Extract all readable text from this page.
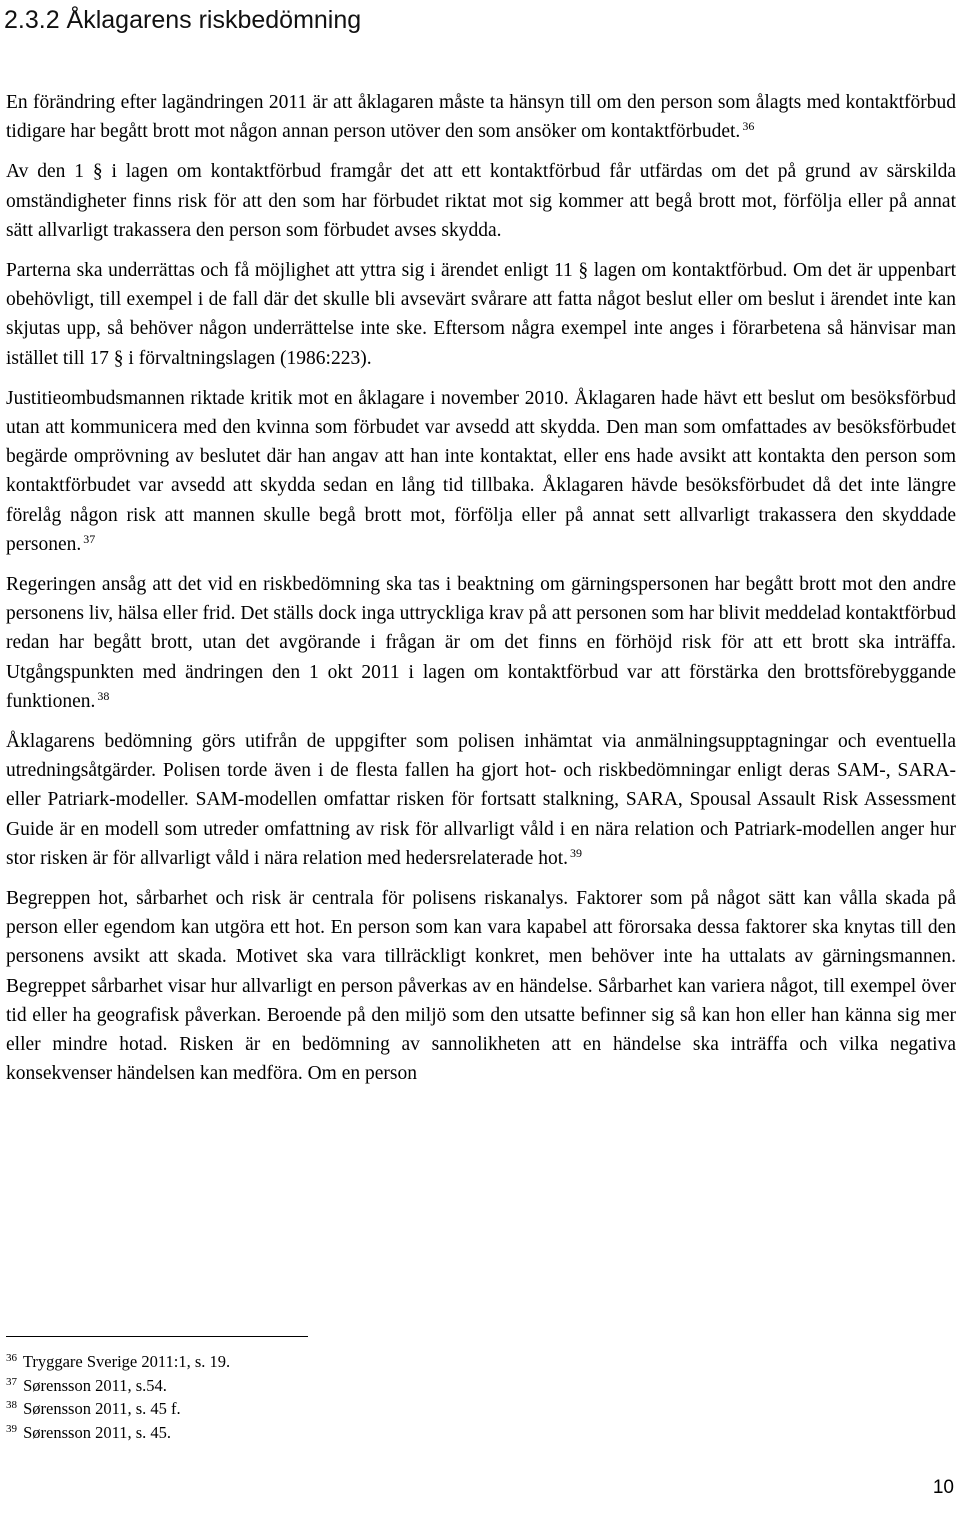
2.3.2 Åklagarens riskbedömning

En förändring efter lagändringen 2011 är att åklagaren måste ta hänsyn till om den person som ålagts med kontaktförbud tidigare har begått brott mot någon annan person utöver den som ansöker om kontaktförbudet. $^{36}$

Av den 1 § i lagen om kontaktförbud framgår det att ett kontaktförbud får utfärdas om det på grund av särskilda omständigheter finns risk för att den som har förbudet riktat mot sig kommer att begå brott mot, förfölja eller på annat sätt allvarligt trakassera den person som förbudet avses skydda.

Parterna ska underrättas och få möjlighet att yttra sig i ärendet enligt 11 § lagen om kontaktförbud. Om det är uppenbart obehövligt, till exempel i de fall där det skulle bli avsevärt svårare att fatta något beslut eller om beslut i ärendet inte kan skjutas upp, så behöver någon underrättelse inte ske. Eftersom några exempel inte anges i förarbetena så hänvisar man istället till 17 § i förvaltningslagen (1986:223).

Justitieombudsmannen riktade kritik mot en åklagare i november 2010. Åklagaren hade hävt ett beslut om besöksförbud utan att kommunicera med den kvinna som förbudet var avsedd att skydda. Den man som omfattades av besöksförbudet begärde omprövning av beslutet där han angav att han inte kontaktat, eller ens hade avsikt att kontakta den person som kontaktförbudet var avsedd att skydda sedan en lång tid tillbaka. Åklagaren hävde besöksförbudet då det inte längre förelåg någon risk att mannen skulle begå brott mot, förfölja eller på annat sett allvarligt trakassera den skyddade personen. $^{37}$

Regeringen ansåg att det vid en riskbedömning ska tas i beaktning om gärningspersonen har begått brott mot den andre personens liv, hälsa eller frid. Det ställs dock inga uttryckliga krav på att personen som har blivit meddelad kontaktförbud redan har begått brott, utan det avgörande i frågan är om det finns en förhöjd risk för att ett brott ska inträffa. Utgångspunkten med ändringen den 1 okt 2011 i lagen om kontaktförbud var att förstärka den brottsförebyggande funktionen. $^{38}$

Åklagarens bedömning görs utifrån de uppgifter som polisen inhämtat via anmälningsupptagningar och eventuella utredningsåtgärder. Polisen torde även i de flesta fallen ha gjort hot- och riskbedömningar enligt deras SAM-, SARA- eller Patriark-modeller. SAM-modellen omfattar risken för fortsatt stalkning, SARA, Spousal Assault Risk Assessment Guide är en modell som utreder omfattning av risk för allvarligt våld i en nära relation och Patriark-modellen anger hur stor risken är för allvarligt våld i nära relation med hedersrelaterade hot. $^{39}$

Begreppen hot, sårbarhet och risk är centrala för polisens riskanalys. Faktorer som på något sätt kan vålla skada på person eller egendom kan utgöra ett hot. En person som kan vara kapabel att förorsaka dessa faktorer ska knytas till den personens avsikt att skada. Motivet ska vara tillräckligt konkret, men behöver inte ha uttalats av gärningsmannen. Begreppet sårbarhet visar hur allvarligt en person påverkas av en händelse. Sårbarhet kan variera något, till exempel över tid eller ha geografisk påverkan. Beroende på den miljö som den utsatte befinner sig så kan hon eller han känna sig mer eller mindre hotad. Risken är en bedömning av sannolikheten att en händelse ska inträffa och vilka negativa konsekvenser händelsen kan medföra. Om en person

$^{36}$ Tryggare Sverige 2011:1, s. 19.
$^{37}$ Sørensson 2011, s.54.
$^{38}$ Sørensson 2011, s. 45 f.
$^{39}$ Sørensson 2011, s. 45.
10
